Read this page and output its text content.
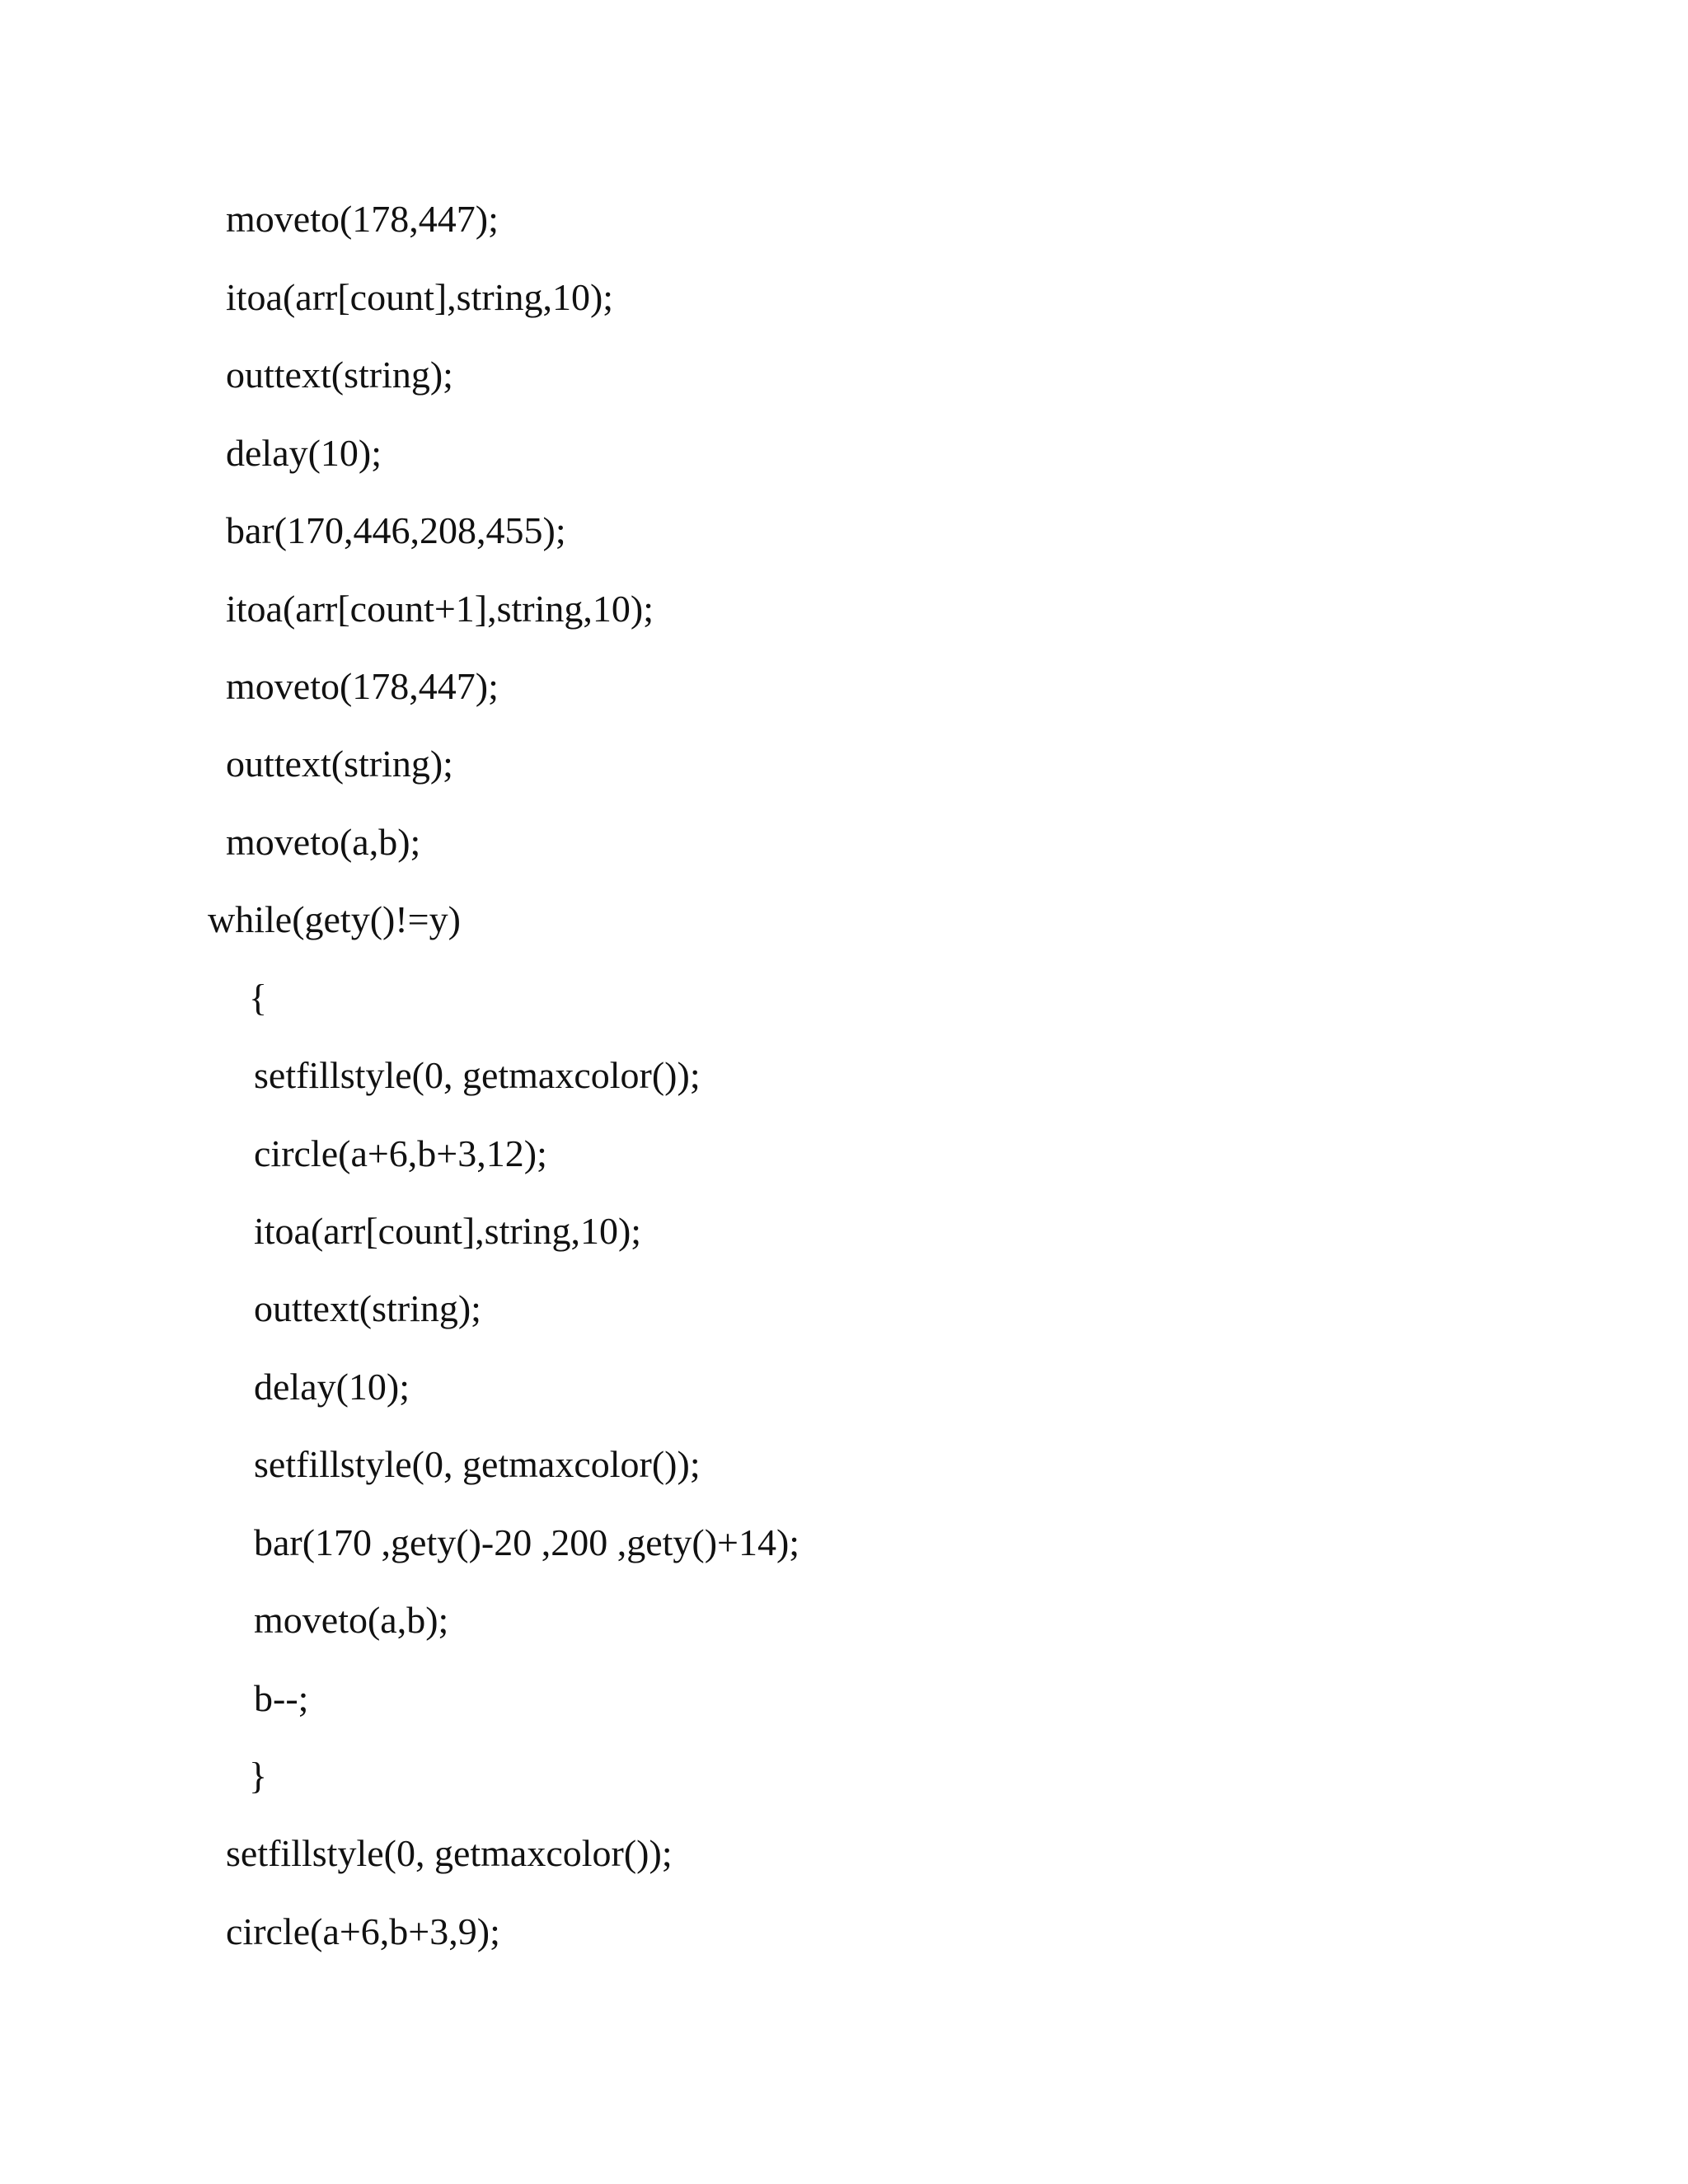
moveto(178,447);
itoa(arr[count],string,10);
outtext(string);
delay(10);
bar(170,446,208,455);
itoa(arr[count+1],string,10);
moveto(178,447);
outtext(string);
moveto(a,b);
while(gety()!=y)
{
setfillstyle(0, getmaxcolor());
circle(a+6,b+3,12);
itoa(arr[count],string,10);
outtext(string);
delay(10);
setfillstyle(0, getmaxcolor());
bar(170 ,gety()-20 ,200 ,gety()+14);
moveto(a,b);
b--;
}
setfillstyle(0, getmaxcolor());
circle(a+6,b+3,9);
